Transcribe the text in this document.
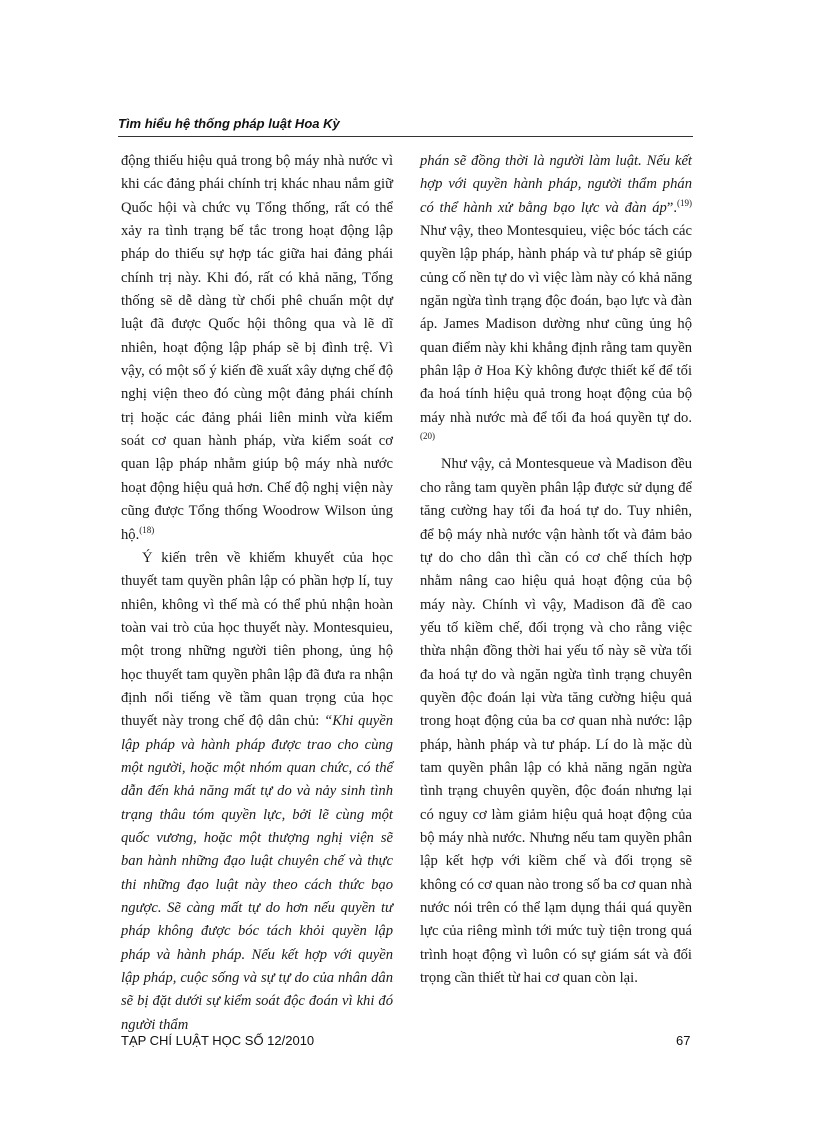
Tìm hiểu hệ thống pháp luật Hoa Kỳ

động thiếu hiệu quả trong bộ máy nhà nước vì khi các đảng phái chính trị khác nhau nắm giữ Quốc hội và chức vụ Tổng thống, rất có thể xảy ra tình trạng bế tắc trong hoạt động lập pháp do thiếu sự hợp tác giữa hai đảng phái chính trị này. Khi đó, rất có khả năng, Tổng thống sẽ dễ dàng từ chối phê chuẩn một dự luật đã được Quốc hội thông qua và lẽ dĩ nhiên, hoạt động lập pháp sẽ bị đình trệ. Vì vậy, có một số ý kiến đề xuất xây dựng chế độ nghị viện theo đó cùng một đảng phái chính trị hoặc các đảng phái liên minh vừa kiểm soát cơ quan hành pháp, vừa kiểm soát cơ quan lập pháp nhằm giúp bộ máy nhà nước hoạt động hiệu quả hơn. Chế độ nghị viện này cũng được Tổng thống Woodrow Wilson ủng hộ.$^{(18)}$

Ý kiến trên về khiếm khuyết của học thuyết tam quyền phân lập có phần hợp lí, tuy nhiên, không vì thế mà có thể phủ nhận hoàn toàn vai trò của học thuyết này. Montesquieu, một trong những người tiên phong, ủng hộ học thuyết tam quyền phân lập đã đưa ra nhận định nổi tiếng về tầm quan trọng của học thuyết này trong chế độ dân chủ: “Khi quyền lập pháp và hành pháp được trao cho cùng một người, hoặc một nhóm quan chức, có thể dẫn đến khả năng mất tự do và nảy sinh tình trạng thâu tóm quyền lực, bởi lẽ cùng một quốc vương, hoặc một thượng nghị viện sẽ ban hành những đạo luật chuyên chế và thực thi những đạo luật này theo cách thức bạo ngược. Sẽ càng mất tự do hơn nếu quyền tư pháp không được bóc tách khỏi quyền lập pháp và hành pháp. Nếu kết hợp với quyền lập pháp, cuộc sống và sự tự do của nhân dân sẽ bị đặt dưới sự kiểm soát độc đoán vì khi đó người thẩm

phán sẽ đồng thời là người làm luật. Nếu kết hợp với quyền hành pháp, người thẩm phán có thể hành xử bằng bạo lực và đàn áp”.$^{(19)}$ Như vậy, theo Montesquieu, việc bóc tách các quyền lập pháp, hành pháp và tư pháp sẽ giúp củng cố nền tự do vì việc làm này có khả năng ngăn ngừa tình trạng độc đoán, bạo lực và đàn áp. James Madison dường như cũng ủng hộ quan điểm này khi khẳng định rằng tam quyền phân lập ở Hoa Kỳ không được thiết kế để tối đa hoá tính hiệu quả trong hoạt động của bộ máy nhà nước mà để tối đa hoá quyền tự do.$^{(20)}$

Như vậy, cả Montesqueue và Madison đều cho rằng tam quyền phân lập được sử dụng để tăng cường hay tối đa hoá tự do. Tuy nhiên, để bộ máy nhà nước vận hành tốt và đảm bảo tự do cho dân thì cần có cơ chế thích hợp nhằm nâng cao hiệu quả hoạt động của bộ máy này. Chính vì vậy, Madison đã đề cao yếu tố kiềm chế, đối trọng và cho rằng việc thừa nhận đồng thời hai yếu tố này sẽ vừa tối đa hoá tự do và ngăn ngừa tình trạng chuyên quyền độc đoán lại vừa tăng cường hiệu quả trong hoạt động của ba cơ quan nhà nước: lập pháp, hành pháp và tư pháp. Lí do là mặc dù tam quyền phân lập có khả năng ngăn ngừa tình trạng chuyên quyền, độc đoán nhưng lại có nguy cơ làm giảm hiệu quả hoạt động của bộ máy nhà nước. Nhưng nếu tam quyền phân lập kết hợp với kiềm chế và đối trọng sẽ không có cơ quan nào trong số ba cơ quan nhà nước nói trên có thể lạm dụng thái quá quyền lực của riêng mình tới mức tuỳ tiện trong quá trình hoạt động vì luôn có sự giám sát và đối trọng cần thiết từ hai cơ quan còn lại.

TẠP CHÍ LUẬT HỌC SỐ 12/2010	67
